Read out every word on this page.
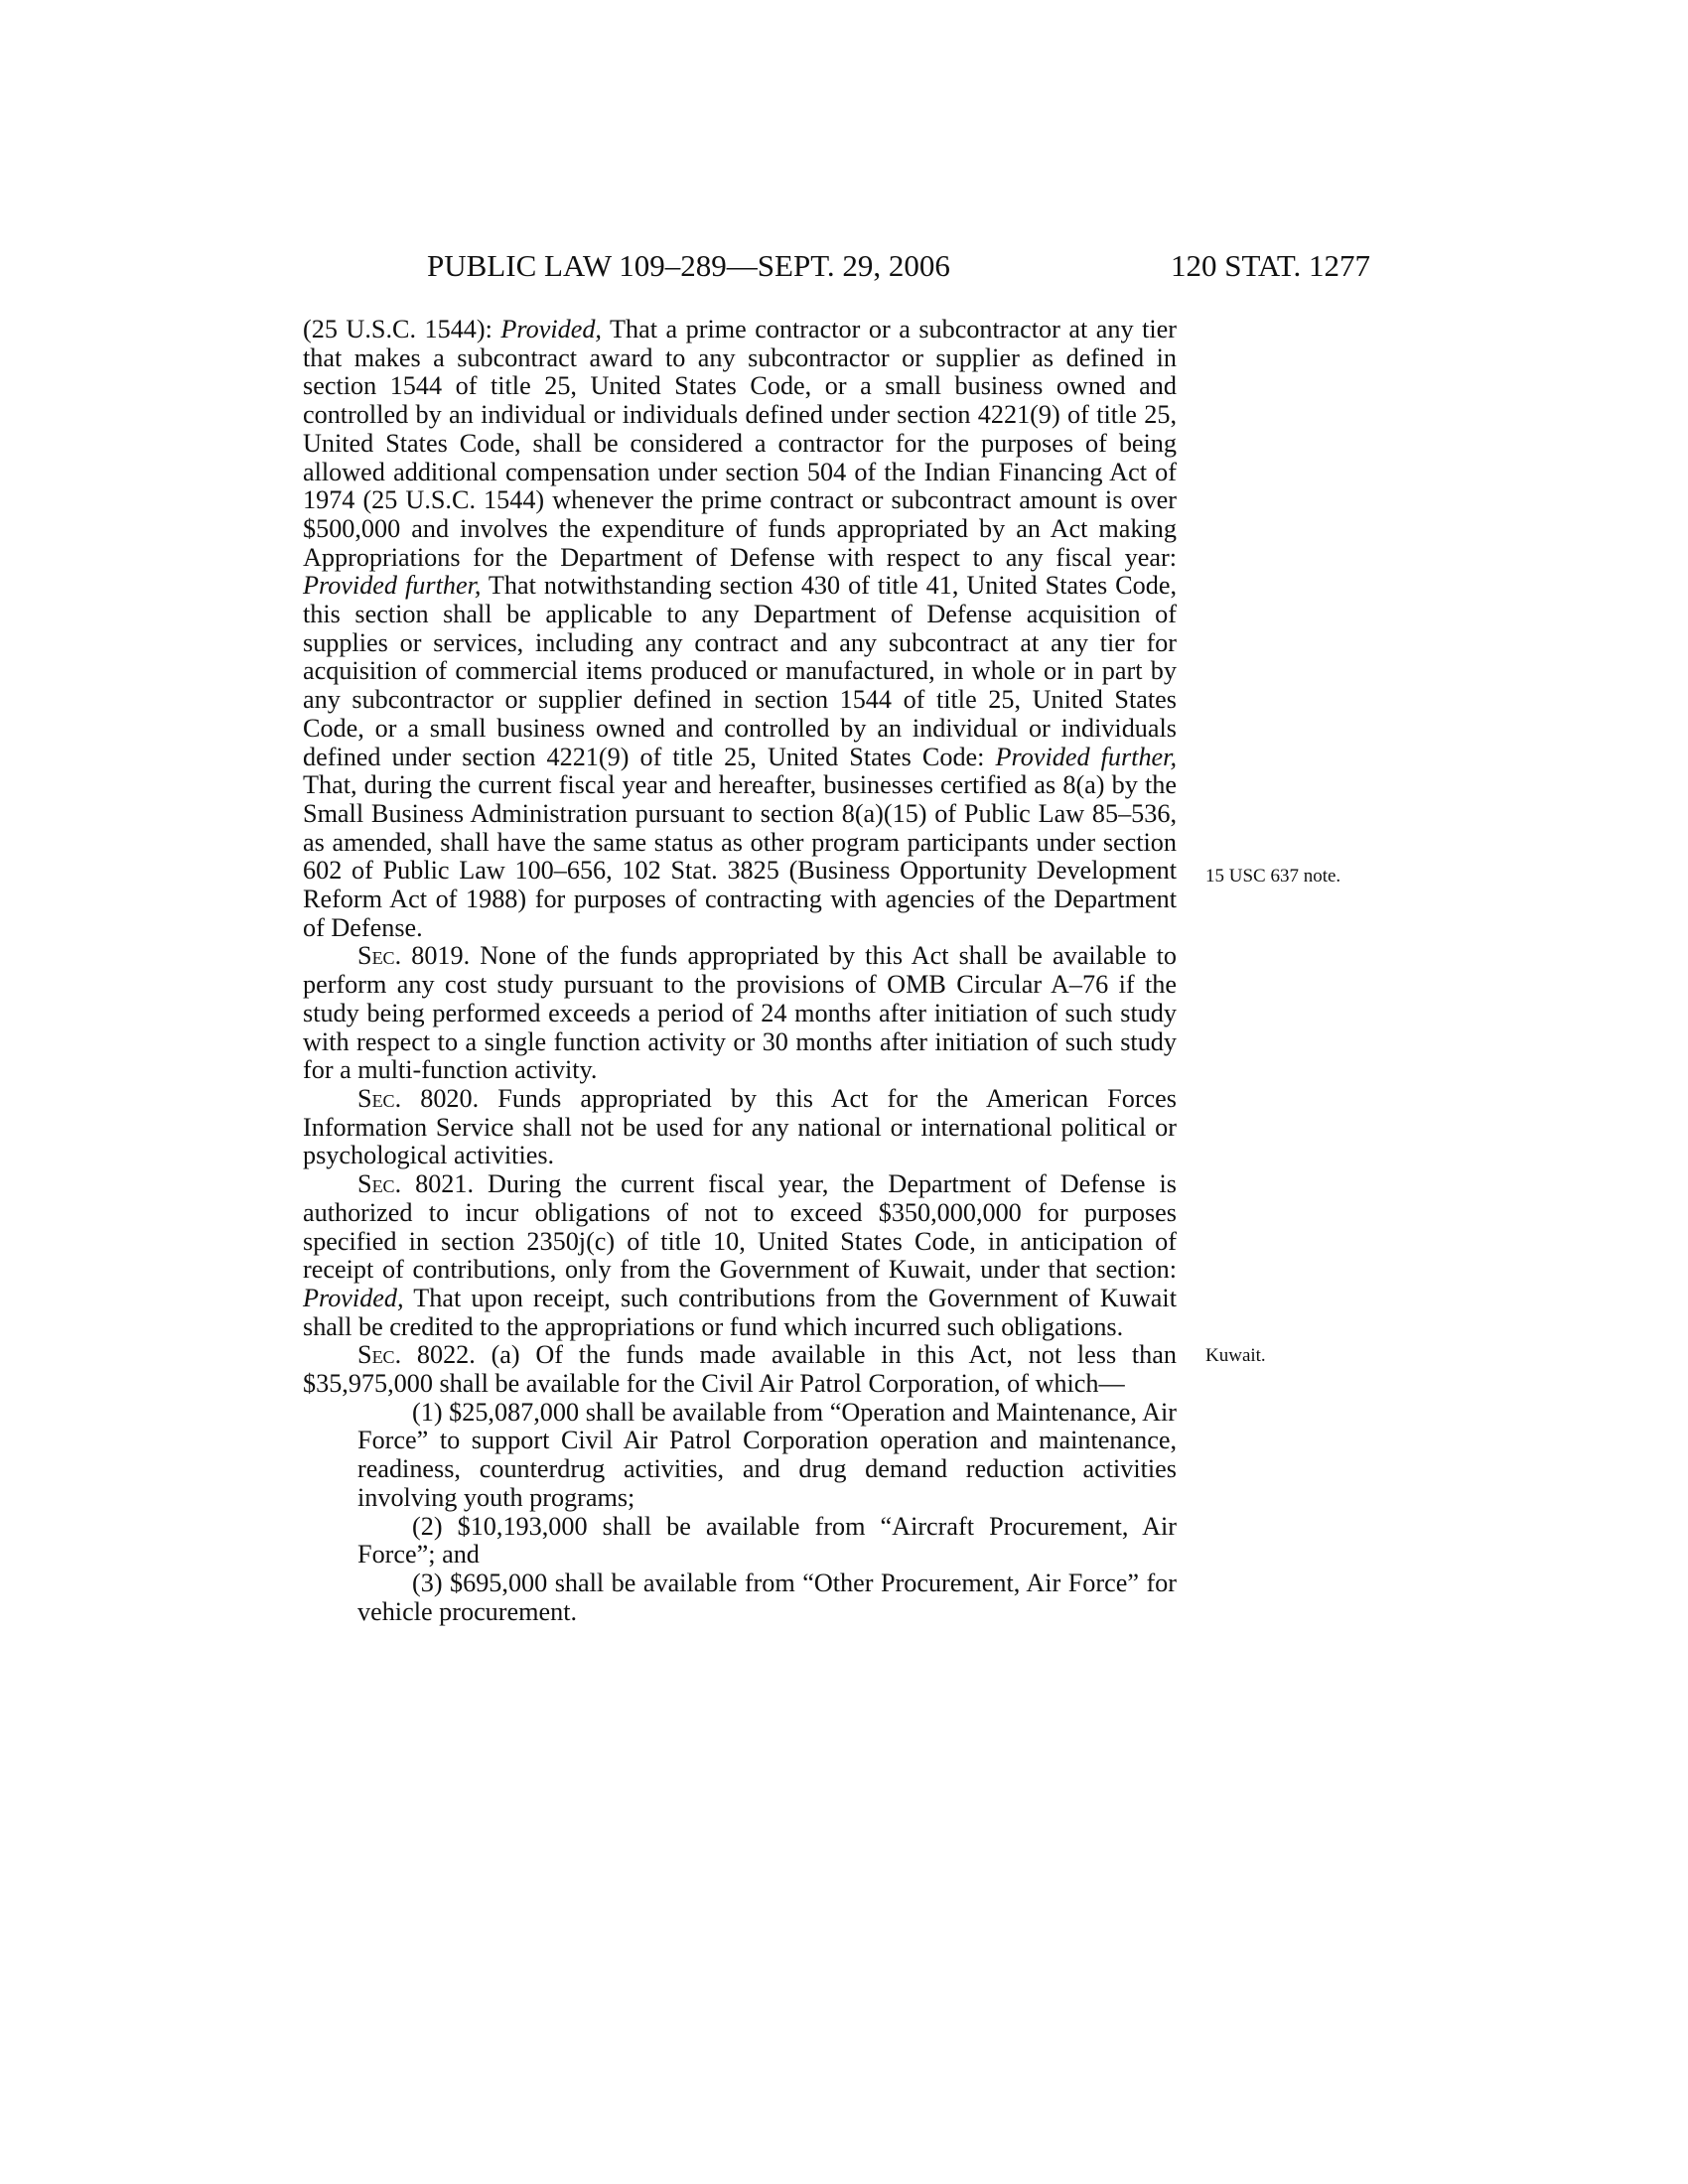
PUBLIC LAW 109–289—SEPT. 29, 2006	120 STAT. 1277

(25 U.S.C. 1544): Provided, That a prime contractor or a subcontractor at any tier that makes a subcontract award to any subcontractor or supplier as defined in section 1544 of title 25, United States Code, or a small business owned and controlled by an individual or individuals defined under section 4221(9) of title 25, United States Code, shall be considered a contractor for the purposes of being allowed additional compensation under section 504 of the Indian Financing Act of 1974 (25 U.S.C. 1544) whenever the prime contract or subcontract amount is over $500,000 and involves the expenditure of funds appropriated by an Act making Appropriations for the Department of Defense with respect to any fiscal year: Provided further, That notwithstanding section 430 of title 41, United States Code, this section shall be applicable to any Department of Defense acquisition of supplies or services, including any contract and any subcontract at any tier for acquisition of commercial items produced or manufactured, in whole or in part by any subcontractor or supplier defined in section 1544 of title 25, United States Code, or a small business owned and controlled by an individual or individuals defined under section 4221(9) of title 25, United States Code: Provided further, That, during the current fiscal year and hereafter, businesses certified as 8(a) by the Small Business Administration pursuant to section 8(a)(15) of Public Law 85–536, as amended, shall have the same status as other program participants under section 602 of Public Law 100–656, 102 Stat. 3825 (Business Opportunity Development Reform Act of 1988) for purposes of contracting with agencies of the Department of Defense.

Sec. 8019. None of the funds appropriated by this Act shall be available to perform any cost study pursuant to the provisions of OMB Circular A–76 if the study being performed exceeds a period of 24 months after initiation of such study with respect to a single function activity or 30 months after initiation of such study for a multi-function activity.

Sec. 8020. Funds appropriated by this Act for the American Forces Information Service shall not be used for any national or international political or psychological activities.

Sec. 8021. During the current fiscal year, the Department of Defense is authorized to incur obligations of not to exceed $350,000,000 for purposes specified in section 2350j(c) of title 10, United States Code, in anticipation of receipt of contributions, only from the Government of Kuwait, under that section: Provided, That upon receipt, such contributions from the Government of Kuwait shall be credited to the appropriations or fund which incurred such obligations.

Sec. 8022. (a) Of the funds made available in this Act, not less than $35,975,000 shall be available for the Civil Air Patrol Corporation, of which—

(1) $25,087,000 shall be available from “Operation and Maintenance, Air Force” to support Civil Air Patrol Corporation operation and maintenance, readiness, counterdrug activities, and drug demand reduction activities involving youth programs;

(2) $10,193,000 shall be available from “Aircraft Procurement, Air Force”; and

(3) $695,000 shall be available from “Other Procurement, Air Force” for vehicle procurement.

15 USC 637 note.
Kuwait.
